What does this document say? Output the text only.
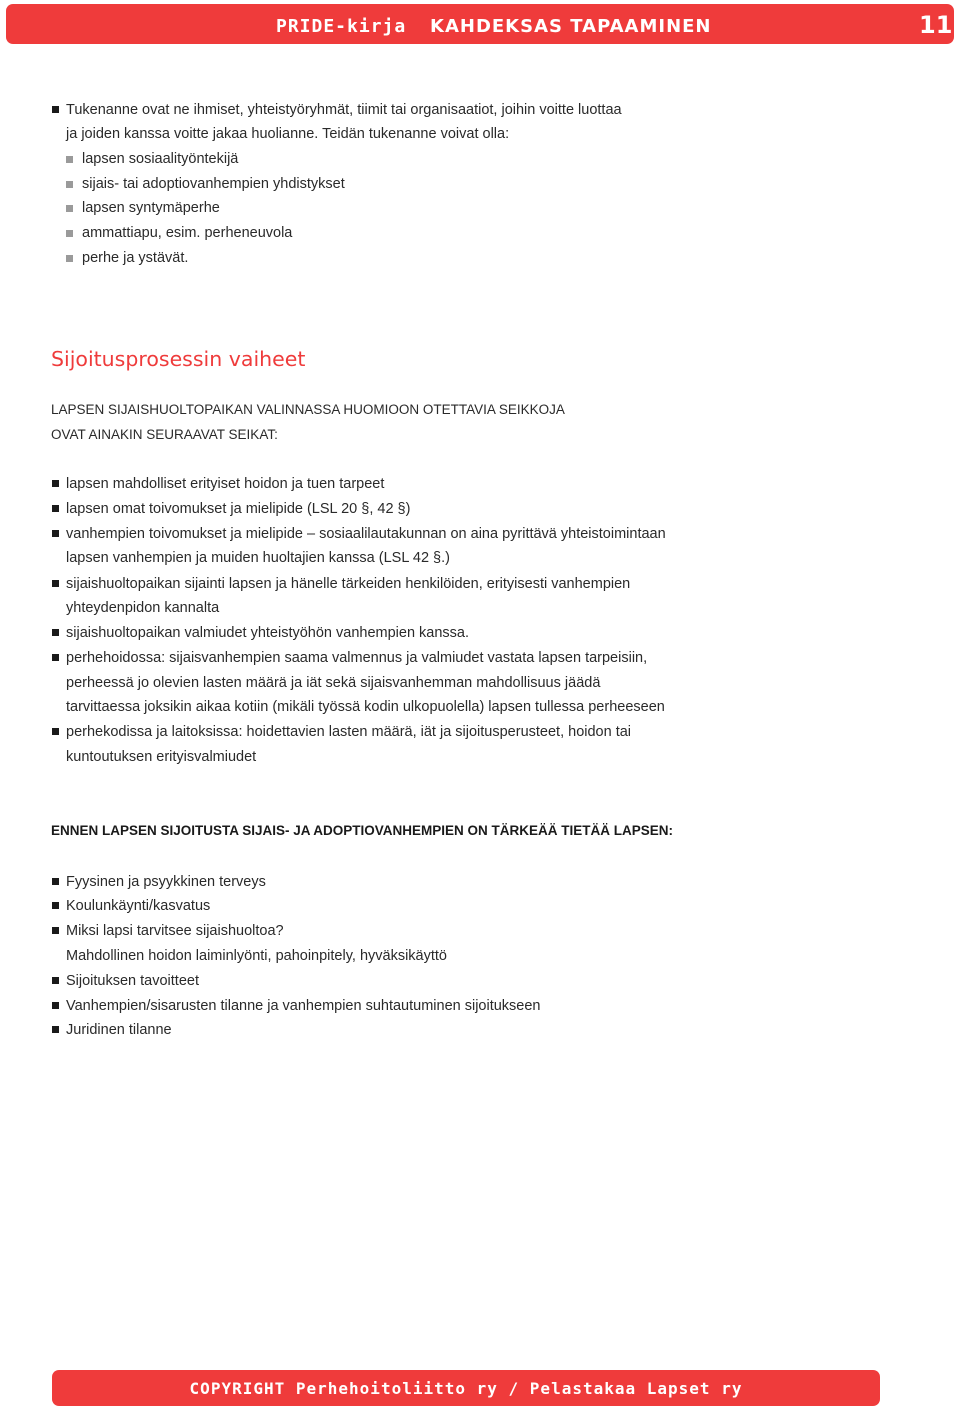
PRIDE-kirja KAHDEKSAS TAPAAMINEN	11
Tukenanne ovat ne ihmiset, yhteistyöryhmät, tiimit tai organisaatiot, joihin voitte luottaa
ja joiden kanssa voitte jakaa huolianne. Teidän tukenanne voivat olla:
lapsen sosiaalityöntekijä
sijais- tai adoptiovanhempien yhdistykset
lapsen syntymäperhe
ammattiapu, esim. perheneuvola
perhe ja ystävät.
Sijoitusprosessin vaiheet
LAPSEN SIJAISHUOLTOPAIKAN VALINNASSA HUOMIOON OTETTAVIA SEIKKOJA
OVAT AINAKIN SEURAAVAT SEIKAT:
lapsen mahdolliset erityiset hoidon ja tuen tarpeet
lapsen omat toivomukset ja mielipide (LSL 20 §, 42 §)
vanhempien toivomukset ja mielipide – sosiaalilautakunnan on aina pyrittävä yhteistoimintaan
lapsen vanhempien ja muiden huoltajien kanssa (LSL 42 §.)
sijaishuoltopaikan sijainti lapsen ja hänelle tärkeiden henkilöiden, erityisesti vanhempien
yhteydenpidon kannalta
sijaishuoltopaikan valmiudet yhteistyöhön vanhempien kanssa.
perhehoidossa: sijaisvanhempien saama valmennus ja valmiudet vastata lapsen tarpeisiin,
perheessä jo olevien lasten määrä ja iät sekä sijaisvanhemman mahdollisuus jäädä
tarvittaessa joksikin aikaa kotiin (mikäli työssä kodin ulkopuolella) lapsen tullessa perheeseen
perhekodissa ja laitoksissa: hoidettavien lasten määrä, iät ja sijoitusperusteet, hoidon tai
kuntoutuksen erityisvalmiudet
ENNEN LAPSEN SIJOITUSTA SIJAIS- JA ADOPTIOVANHEMPIEN ON TÄRKEÄÄ TIETÄÄ LAPSEN:
Fyysinen ja psyykkinen terveys
Koulunkäynti/kasvatus
Miksi lapsi tarvitsee sijaishuoltoa?
Mahdollinen hoidon laiminlyönti, pahoinpitely, hyväksikäyttö
Sijoituksen tavoitteet
Vanhempien/sisarusten tilanne ja vanhempien suhtautuminen sijoitukseen
Juridinen tilanne
COPYRIGHT Perhehoitoliitto ry / Pelastakaa Lapset ry
